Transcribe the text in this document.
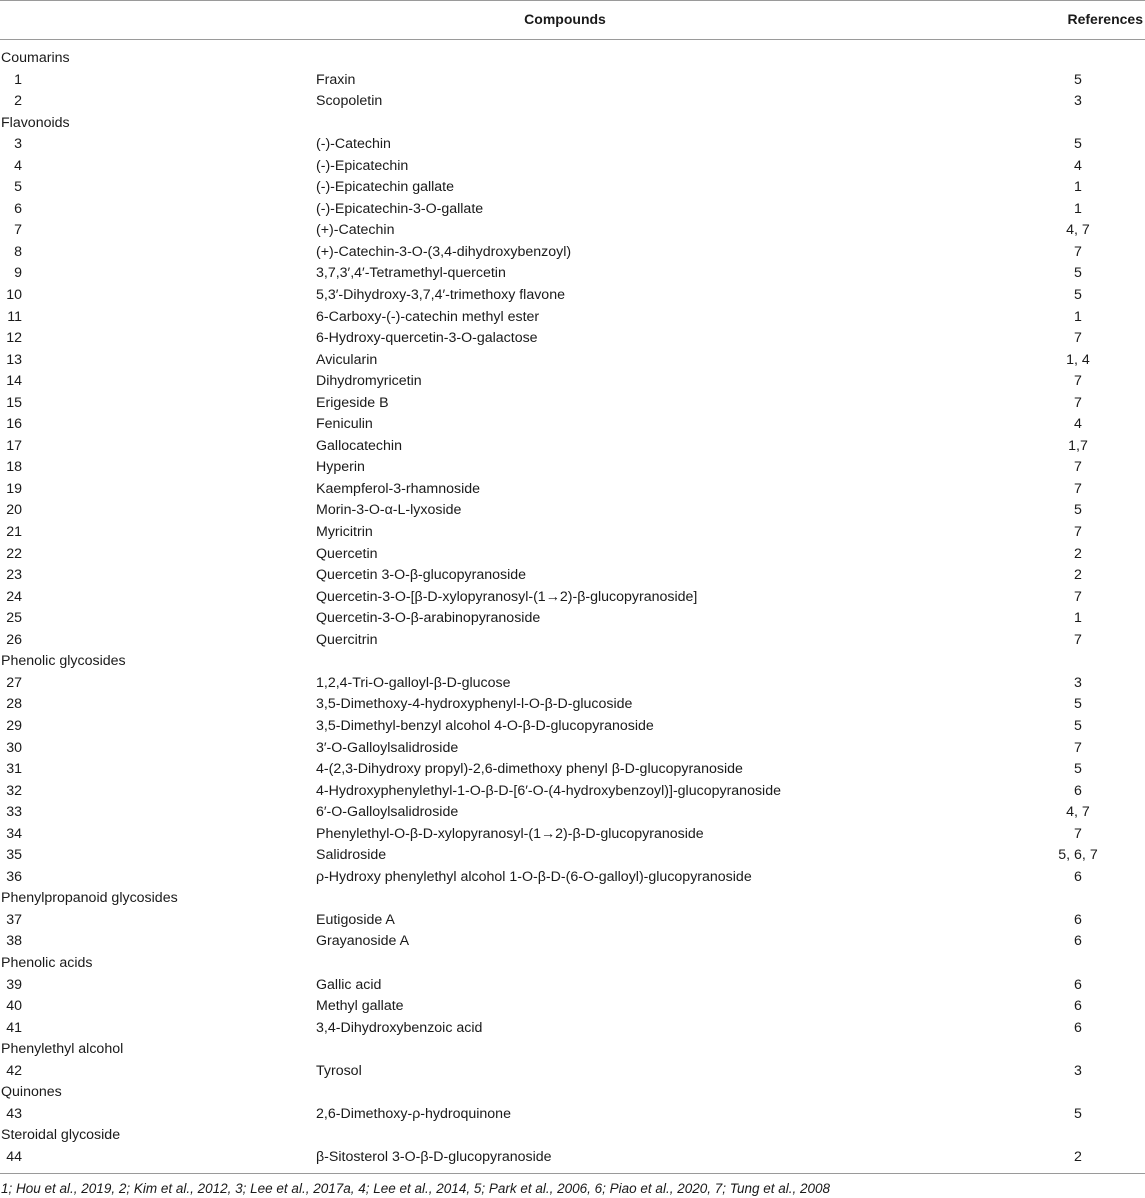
Compounds	References
Coumarins
1	Fraxin	5
2	Scopoletin	3
Flavonoids
3	(-)-Catechin	5
4	(-)-Epicatechin	4
5	(-)-Epicatechin gallate	1
6	(-)-Epicatechin-3-O-gallate	1
7	(+)-Catechin	4, 7
8	(+)-Catechin-3-O-(3,4-dihydroxybenzoyl)	7
9	3,7,3′,4′-Tetramethyl-quercetin	5
10	5,3′-Dihydroxy-3,7,4′-trimethoxy flavone	5
11	6-Carboxy-(-)-catechin methyl ester	1
12	6-Hydroxy-quercetin-3-O-galactose	7
13	Avicularin	1, 4
14	Dihydromyricetin	7
15	Erigeside B	7
16	Feniculin	4
17	Gallocatechin	1,7
18	Hyperin	7
19	Kaempferol-3-rhamnoside	7
20	Morin-3-O-α-L-lyxoside	5
21	Myricitrin	7
22	Quercetin	2
23	Quercetin 3-O-β-glucopyranoside	2
24	Quercetin-3-O-[β-D-xylopyranosyl-(1→2)-β-glucopyranoside]	7
25	Quercetin-3-O-β-arabinopyranoside	1
26	Quercitrin	7
Phenolic glycosides
27	1,2,4-Tri-O-galloyl-β-D-glucose	3
28	3,5-Dimethoxy-4-hydroxyphenyl-l-O-β-D-glucoside	5
29	3,5-Dimethyl-benzyl alcohol 4-O-β-D-glucopyranoside	5
30	3′-O-Galloylsalidroside	7
31	4-(2,3-Dihydroxy propyl)-2,6-dimethoxy phenyl β-D-glucopyranoside	5
32	4-Hydroxyphenylethyl-1-O-β-D-[6′-O-(4-hydroxybenzoyl)]-glucopyranoside	6
33	6′-O-Galloylsalidroside	4, 7
34	Phenylethyl-O-β-D-xylopyranosyl-(1→2)-β-D-glucopyranoside	7
35	Salidroside	5, 6, 7
36	ρ-Hydroxy phenylethyl alcohol 1-O-β-D-(6-O-galloyl)-glucopyranoside	6
Phenylpropanoid glycosides
37	Eutigoside A	6
38	Grayanoside A	6
Phenolic acids
39	Gallic acid	6
40	Methyl gallate	6
41	3,4-Dihydroxybenzoic acid	6
Phenylethyl alcohol
42	Tyrosol	3
Quinones
43	2,6-Dimethoxy-ρ-hydroquinone	5
Steroidal glycoside
44	β-Sitosterol 3-O-β-D-glucopyranoside	2
1; Hou et al., 2019, 2; Kim et al., 2012, 3; Lee et al., 2017a, 4; Lee et al., 2014, 5; Park et al., 2006, 6; Piao et al., 2020, 7; Tung et al., 2008
